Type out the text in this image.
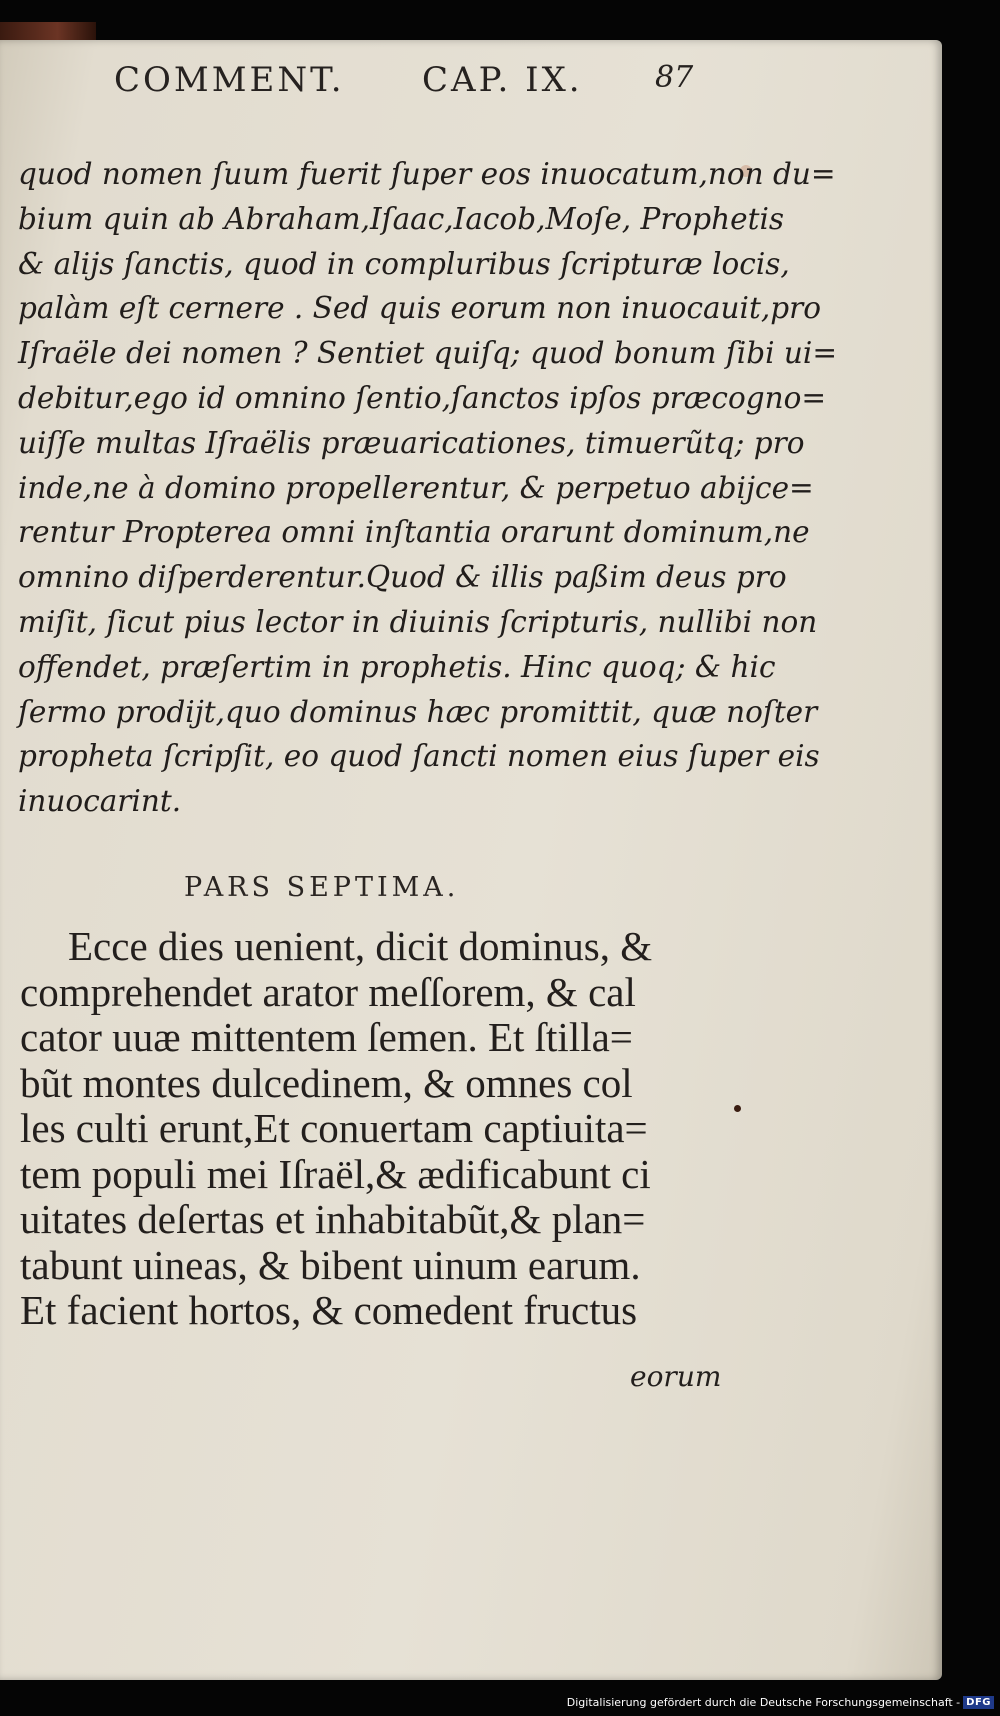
COMMENT. CAP. IX. 87
quod nomen ſuum fuerit ſuper eos inuocatum,non du=
bium quin ab Abraham,Iſaac,Iacob,Moſe, Prophetis
& alijs ſanctis, quod in compluribus ſcripturæ locis,
palàm eſt cernere . Sed quis eorum non inuocauit,pro
Iſraële dei nomen ? Sentiet quiſq; quod bonum ſibi ui=
debitur,ego id omnino ſentio,ſanctos ipſos præcogno=
uiſſe multas Iſraëlis præuaricationes, timuerũtq; pro
inde,ne à domino propellerentur, & perpetuo abijce=
rentur Propterea omni inſtantia orarunt dominum,ne
omnino diſperderentur.Quod & illis paßim deus pro
miſit, ſicut pius lector in diuinis ſcripturis, nullibi non
offendet, præſertim in prophetis. Hinc quoq; & hic
ſermo prodijt,quo dominus hæc promittit, quæ noſter
propheta ſcripſit, eo quod ſancti nomen eius ſuper eis
inuocarint.
PARS SEPTIMA.
Ecce dies uenient, dicit dominus, &
comprehendet arator meſſorem, & cal
cator uuæ mittentem ſemen. Et ſtilla=
bũt montes dulcedinem, & omnes col
les culti erunt,Et conuertam captiuita=
tem populi mei Iſraël,& ædificabunt ci
uitates deſertas et inhabitabũt,& plan=
tabunt uineas, & bibent uinum earum.
Et facient hortos, & comedent fructus
eorum
Digitalisierung gefördert durch die Deutsche Forschungsgemeinschaft - DFG
